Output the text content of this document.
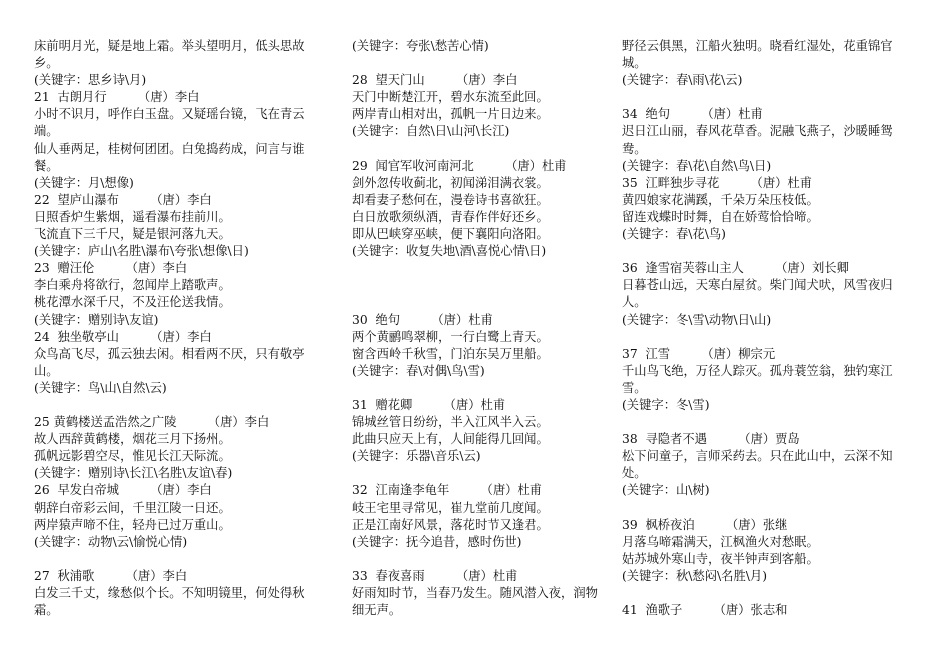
床前明月光，疑是地上霜。举头望明月，低头思故乡。
(关键字：思乡诗\月)
21  古朗月行        （唐）李白
小时不识月，呼作白玉盘。又疑瑶台镜，飞在青云端。
仙人垂两足，桂树何团团。白兔捣药成，问言与谁餐。
(关键字：月\想像)
22  望庐山瀑布        （唐）李白
日照香炉生紫烟，遥看瀑布挂前川。
飞流直下三千尺，疑是银河落九天。
(关键字：庐山\名胜\瀑布\夸张\想像\日)
23  赠汪伦        （唐）李白
李白乘舟将欲行，忽闻岸上踏歌声。
桃花潭水深千尺，不及汪伦送我情。
(关键字：赠别诗\友谊)
24  独坐敬亭山        （唐）李白
众鸟高飞尽，孤云独去闲。相看两不厌，只有敬亭山。
(关键字：鸟\山\自然\云)
25 黄鹤楼送孟浩然之广陵        （唐）李白
故人西辞黄鹤楼，烟花三月下扬州。
孤帆远影碧空尽，惟见长江天际流。
(关键字：赠别诗\长江\名胜\友谊\春)
26  早发白帝城        （唐）李白
朝辞白帝彩云间，千里江陵一日还。
两岸猿声啼不住，轻舟已过万重山。
(关键字：动物\云\愉悦心情)
27  秋浦歌        （唐）李白
白发三千丈，缘愁似个长。不知明镜里，何处得秋霜。
(关键字：夸张\愁苦心情)
28  望天门山        （唐）李白
天门中断楚江开，碧水东流至此回。
两岸青山相对出，孤帆一片日边来。
(关键字：自然\日\山河\长江)
29  闻官军收河南河北        （唐）杜甫
剑外忽传收蓟北，初闻涕泪满衣裳。
却看妻子愁何在，漫卷诗书喜欲狂。
白日放歌须纵酒，青春作伴好还乡。
即从巴峡穿巫峡，便下襄阳向洛阳。
(关键字：收复失地\酒\喜悦心情\日)
30  绝句        （唐）杜甫
两个黄鹂鸣翠柳，一行白鹭上青天。
窗含西岭千秋雪，门泊东吴万里船。
(关键字：春\对偶\鸟\雪)
31  赠花卿        （唐）杜甫
锦城丝管日纷纷，半入江风半入云。
此曲只应天上有，人间能得几回闻。
(关键字：乐器\音乐\云)
32  江南逢李龟年        （唐）杜甫
岐王宅里寻常见，崔九堂前几度闻。
正是江南好风景，落花时节又逢君。
(关键字：抚今追昔，感时伤世)
33  春夜喜雨        （唐）杜甫
好雨知时节，当春乃发生。随风潜入夜，润物细无声。
野径云俱黑，江船火独明。晓看红湿处，花重锦官城。
(关键字：春\雨\花\云)
34  绝句        （唐）杜甫
迟日江山丽，春风花草香。泥融飞燕子，沙暖睡鸳鸯。
(关键字：春\花\自然\鸟\日)
35  江畔独步寻花        （唐）杜甫
黄四娘家花满蹊，千朵万朵压枝低。
留连戏蝶时时舞，自在娇莺恰恰啼。
(关键字：春\花\鸟)
36  逢雪宿芙蓉山主人        （唐）刘长卿
日暮苍山远，天寒白屋贫。柴门闻犬吠，风雪夜归人。
(关键字：冬\雪\动物\日\山)
37  江雪        （唐）柳宗元
千山鸟飞绝，万径人踪灭。孤舟蓑笠翁，独钓寒江雪。
(关键字：冬\雪)
38  寻隐者不遇        （唐）贾岛
松下问童子，言师采药去。只在此山中，云深不知处。
(关键字：山\树)
39  枫桥夜泊        （唐）张继
月落乌啼霜满天，江枫渔火对愁眠。
姑苏城外寒山寺，夜半钟声到客船。
(关键字：秋\愁闷\名胜\月)
41  渔歌子        （唐）张志和
